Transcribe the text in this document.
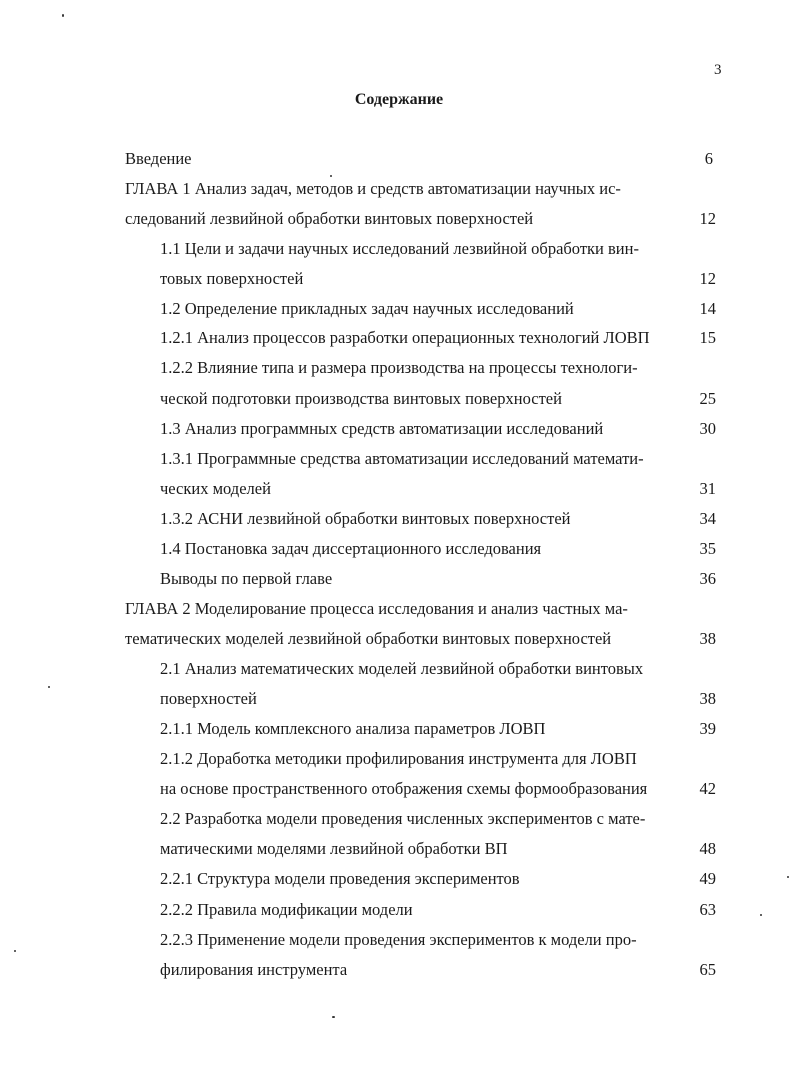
3
Содержание
Введение	6
ГЛАВА 1 Анализ задач, методов и средств автоматизации научных ис-
следований лезвийной обработки винтовых поверхностей	12
1.1 Цели и задачи научных исследований лезвийной обработки вин-
товых поверхностей	12
1.2 Определение прикладных задач научных исследований	14
1.2.1 Анализ процессов разработки операционных технологий ЛОВП	15
1.2.2 Влияние типа и размера производства на процессы технологи-
ческой подготовки производства винтовых поверхностей	25
1.3 Анализ программных средств автоматизации исследований	30
1.3.1 Программные средства автоматизации исследований математи-
ческих моделей	31
1.3.2 АСНИ лезвийной обработки винтовых поверхностей	34
1.4 Постановка задач диссертационного исследования	35
Выводы по первой главе	36
ГЛАВА 2 Моделирование процесса исследования и анализ частных ма-
тематических моделей лезвийной обработки винтовых поверхностей	38
2.1 Анализ математических моделей лезвийной обработки винтовых
поверхностей	38
2.1.1 Модель комплексного анализа параметров ЛОВП	39
2.1.2 Доработка методики профилирования инструмента для ЛОВП
на основе пространственного отображения схемы формообразования	42
2.2 Разработка модели проведения численных экспериментов с мате-
матическими моделями лезвийной обработки ВП	48
2.2.1 Структура модели проведения экспериментов	49
2.2.2 Правила модификации модели	63
2.2.3 Применение модели проведения экспериментов к модели про-
филирования инструмента	65
